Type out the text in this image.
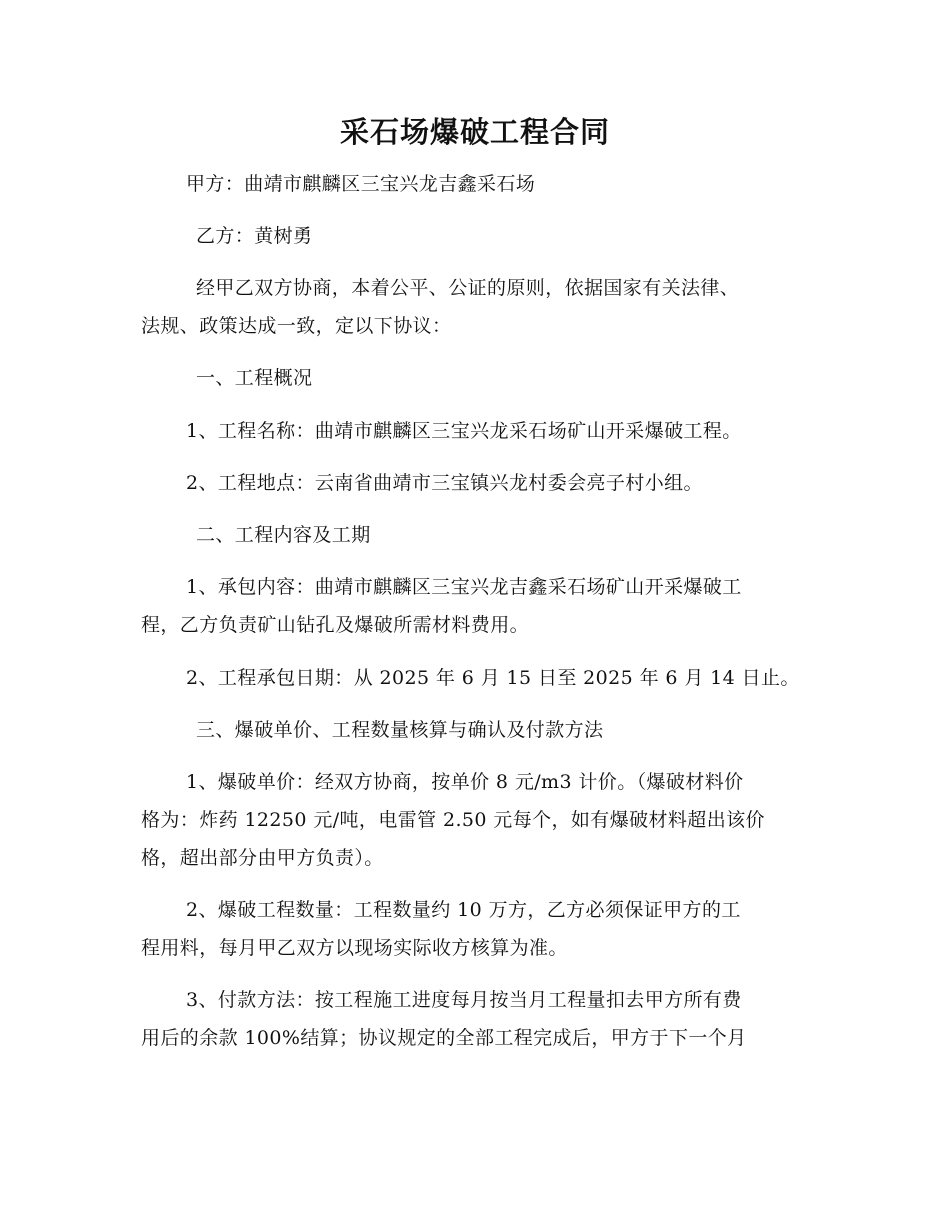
采石场爆破工程合同

甲方：曲靖市麒麟区三宝兴龙吉鑫采石场

乙方：黄树勇

经甲乙双方协商，本着公平、公证的原则，依据国家有关法律、

法规、政策达成一致，定以下协议：

一、工程概况

1、工程名称：曲靖市麒麟区三宝兴龙采石场矿山开采爆破工程。

2、工程地点：云南省曲靖市三宝镇兴龙村委会亮子村小组。

二、工程内容及工期

1、承包内容：曲靖市麒麟区三宝兴龙吉鑫采石场矿山开采爆破工

程，乙方负责矿山钻孔及爆破所需材料费用。

2、工程承包日期：从 2025 年 6 月 15 日至 2025 年 6 月 14 日止。

三、爆破单价、工程数量核算与确认及付款方法

1、爆破单价：经双方协商，按单价 8 元/m3 计价。（爆破材料价

格为：炸药 12250 元/吨，电雷管 2.50 元每个，如有爆破材料超出该价

格，超出部分由甲方负责）。

2、爆破工程数量：工程数量约 10 万方，乙方必须保证甲方的工

程用料，每月甲乙双方以现场实际收方核算为准。

3、付款方法：按工程施工进度每月按当月工程量扣去甲方所有费

用后的余款 100%结算；协议规定的全部工程完成后，甲方于下一个月
